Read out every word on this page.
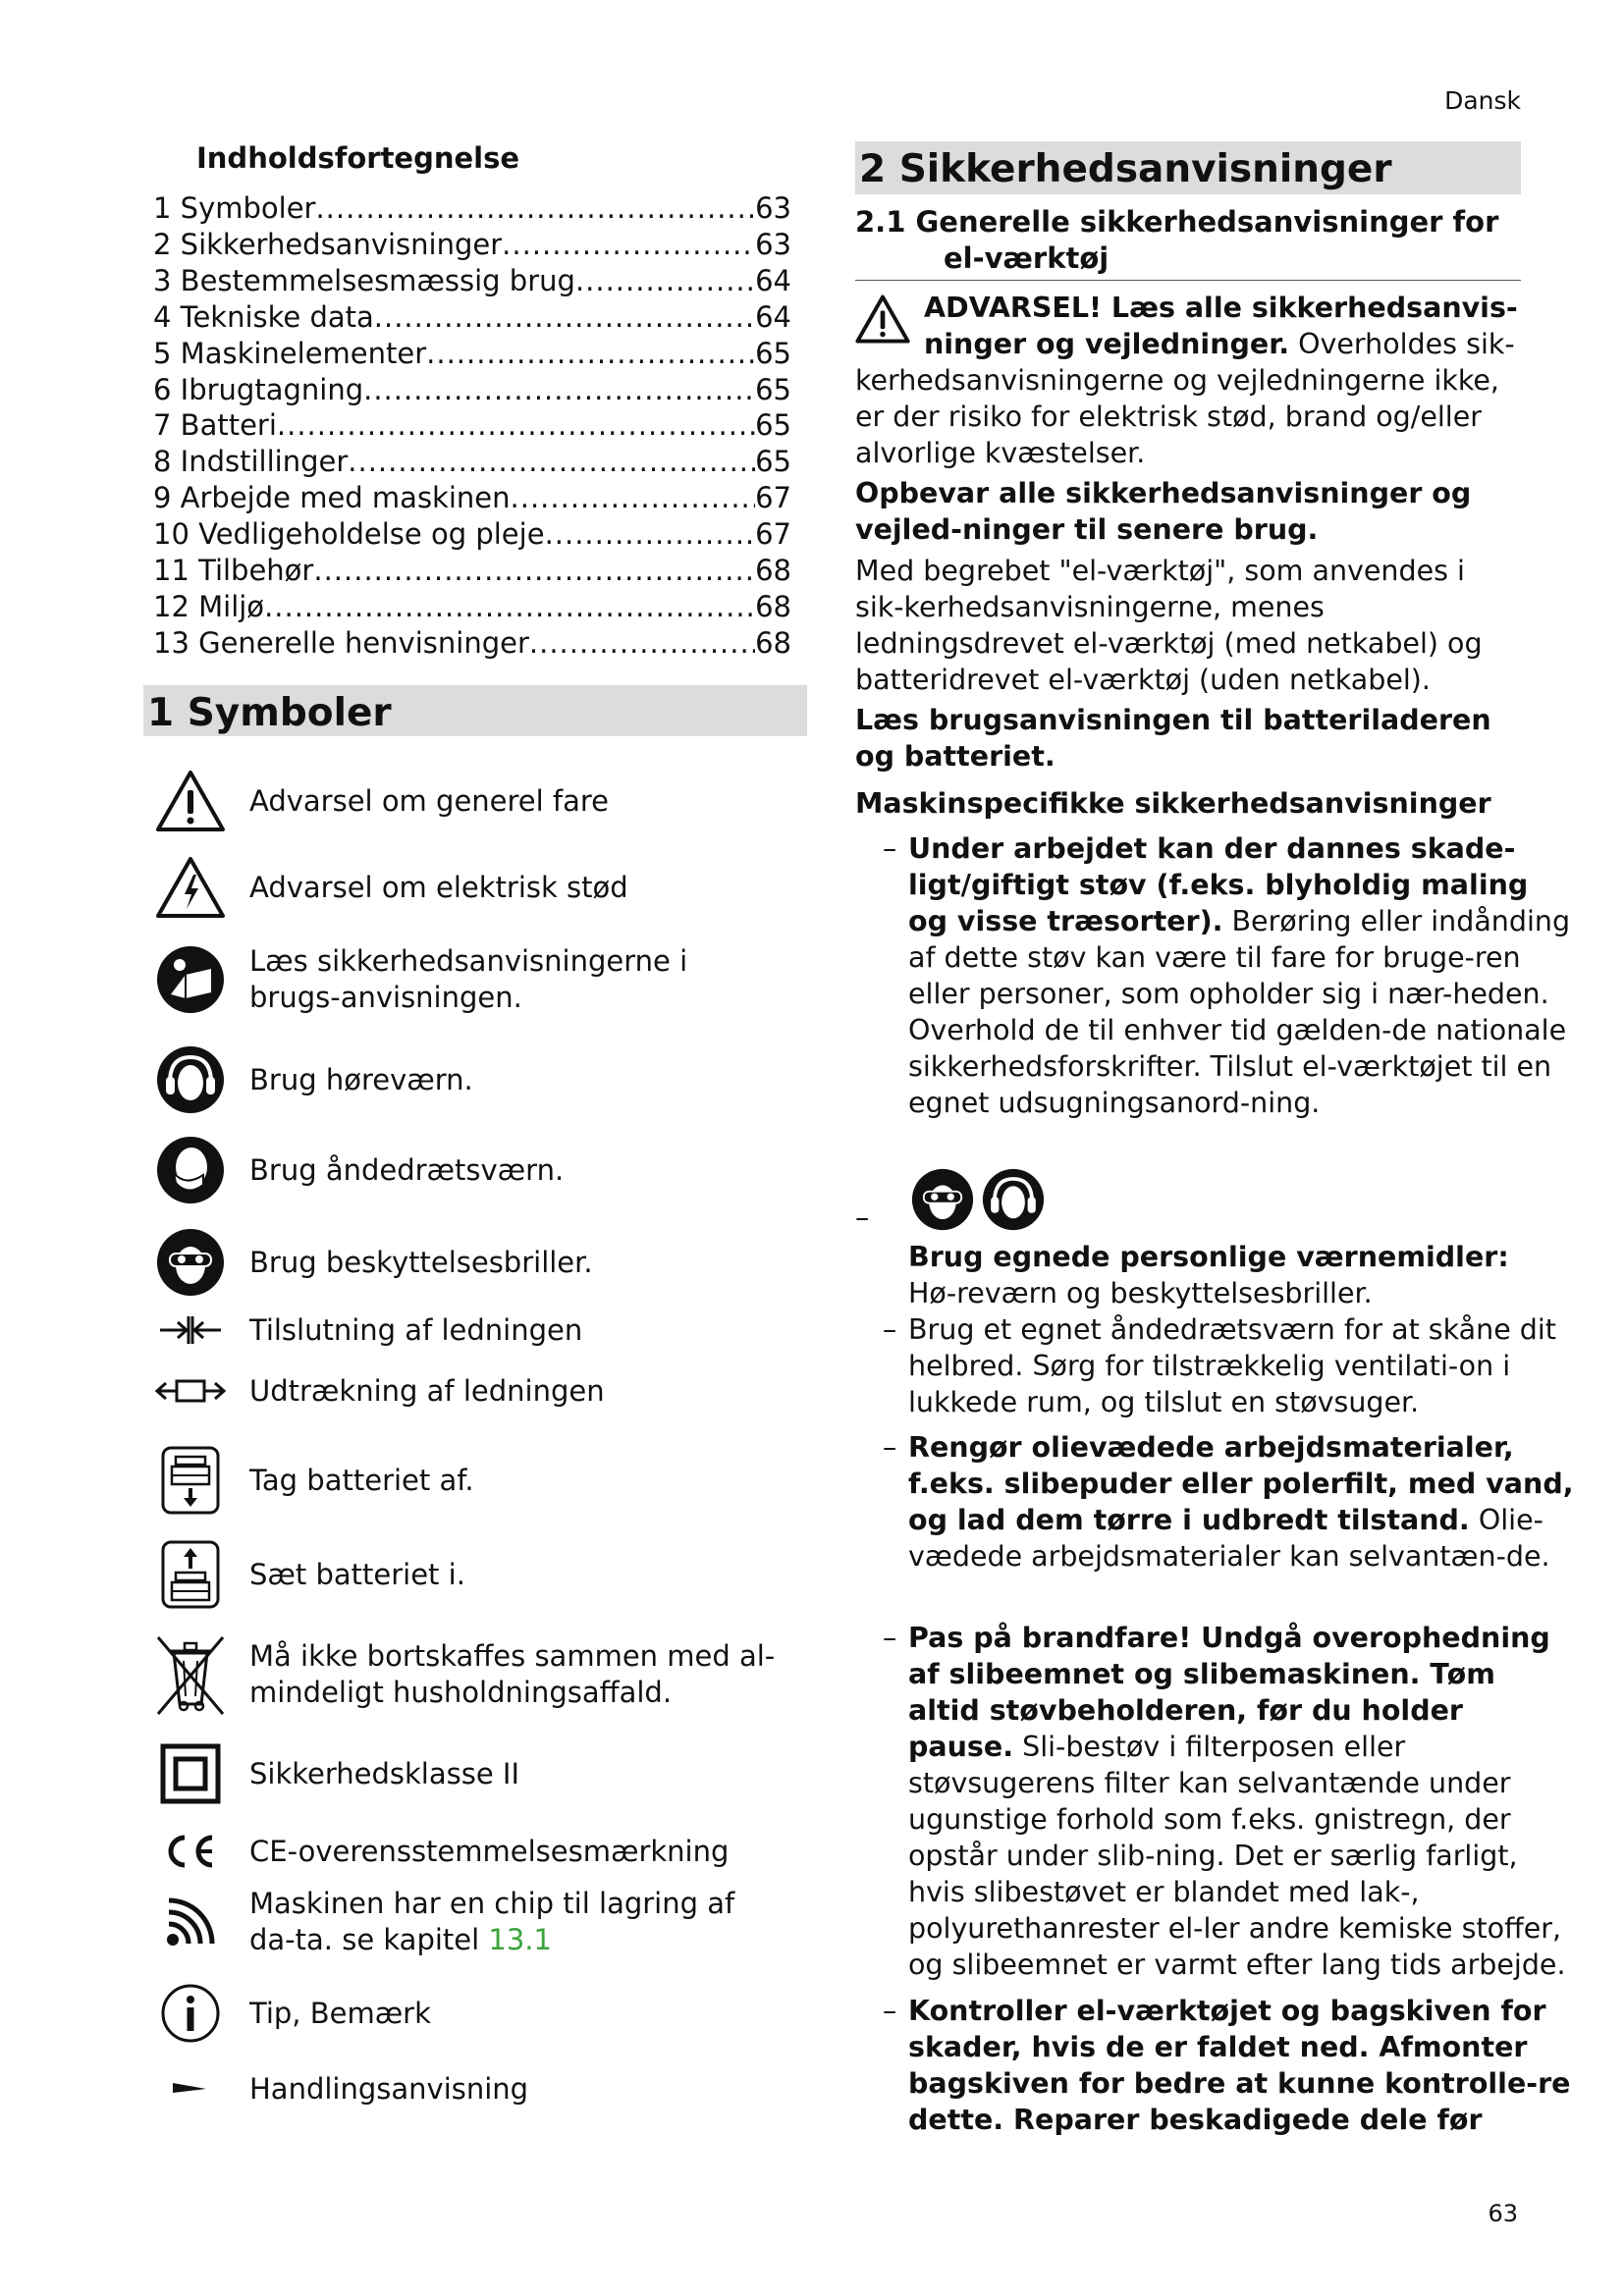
Dansk
63
Indholdsfortegnelse
1 Symboler .....	63
2 Sikkerhedsanvisninger .....	63
3 Bestemmelsesmæssig brug .....	64
4 Tekniske data .....	64
5 Maskinelementer .....	65
6 Ibrugtagning .....	65
7 Batteri .....	65
8 Indstillinger .....	65
9 Arbejde med maskinen .....	67
10 Vedligeholdelse og pleje .....	67
11 Tilbehør .....	68
12 Miljø .....	68
13 Generelle henvisninger .....	68
1 Symboler
Advarsel om generel fare
Advarsel om elektrisk stød
Læs sikkerhedsanvisningerne i brugs-anvisningen.
Brug høreværn.
Brug åndedrætsværn.
Brug beskyttelsesbriller.
Tilslutning af ledningen
Udtrækning af ledningen
Tag batteriet af.
Sæt batteriet i.
Må ikke bortskaffes sammen med al-mindeligt husholdningsaffald.
Sikkerhedsklasse II
CE-overensstemmelsesmærkning
Maskinen har en chip til lagring af da-ta. se kapitel 13.1
Tip, Bemærk
Handlingsanvisning
2 Sikkerhedsanvisninger
2.1 Generelle sikkerhedsanvisninger for
el-værktøj
ADVARSEL! Læs alle sikkerhedsanvis-ninger og vejledninger. Overholdes sik-kerhedsanvisningerne og vejledningerne ikke, er der risiko for elektrisk stød, brand og/eller alvorlige kvæstelser.
Opbevar alle sikkerhedsanvisninger og vejled-ninger til senere brug.
Med begrebet "el-værktøj", som anvendes i sik-kerhedsanvisningerne, menes ledningsdrevet el-værktøj (med netkabel) og batteridrevet el-værktøj (uden netkabel).
Læs brugsanvisningen til batteriladeren og batteriet.
Maskinspecifikke sikkerhedsanvisninger
– Under arbejdet kan der dannes skade-ligt/giftigt støv (f.eks. blyholdig maling og visse træsorter). Berøring eller indånding af dette støv kan være til fare for bruge-ren eller personer, som opholder sig i nær-heden. Overhold de til enhver tid gælden-de nationale sikkerhedsforskrifter. Tilslut el-værktøjet til en egnet udsugningsanord-ning.
–
Brug egnede personlige værnemidler: Hø-reværn og beskyttelsesbriller.
– Brug et egnet åndedrætsværn for at skåne dit helbred. Sørg for tilstrækkelig ventilati-on i lukkede rum, og tilslut en støvsuger.
– Rengør olievædede arbejdsmaterialer, f.eks. slibepuder eller polerfilt, med vand, og lad dem tørre i udbredt tilstand. Olie-vædede arbejdsmaterialer kan selvantæn-de.
– Pas på brandfare! Undgå overophedning af slibeemnet og slibemaskinen. Tøm altid støvbeholderen, før du holder pause. Sli-bestøv i filterposen eller støvsugerens filter kan selvantænde under ugunstige forhold som f.eks. gnistregn, der opstår under slib-ning. Det er særlig farligt, hvis slibestøvet er blandet med lak-, polyurethanrester el-ler andre kemiske stoffer, og slibeemnet er varmt efter lang tids arbejde.
– Kontroller el-værktøjet og bagskiven for skader, hvis de er faldet ned. Afmonter bagskiven for bedre at kunne kontrolle-re dette. Reparer beskadigede dele før
